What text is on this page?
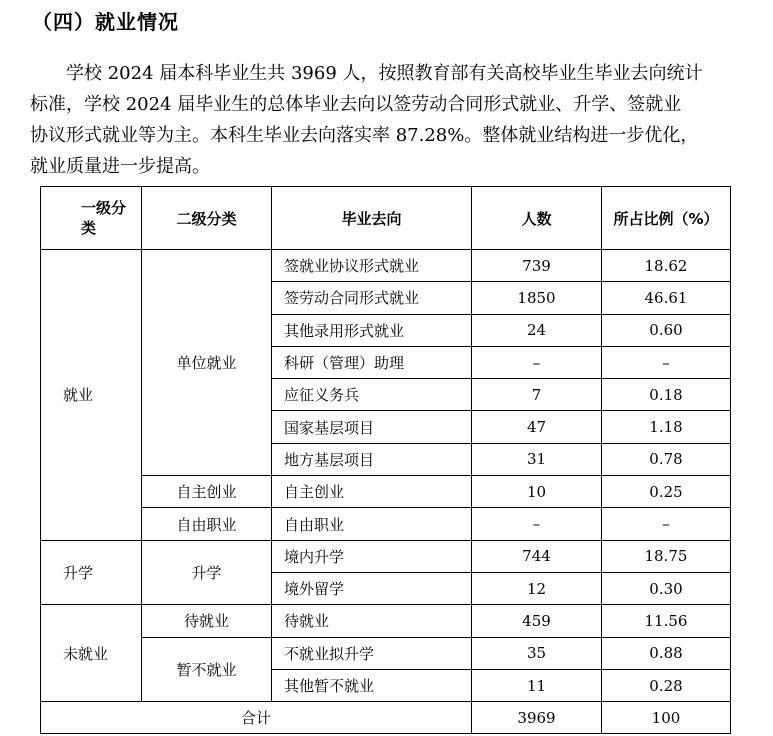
（四）就业情况

学校 2024 届本科毕业生共 3969 人，按照教育部有关高校毕业生毕业去向统计
标准，学校 2024 届毕业生的总体毕业去向以签劳动合同形式就业、升学、签就业
协议形式就业等为主。本科生毕业去向落实率 87.28%。整体就业结构进一步优化，
就业质量进一步提高。

一级分类	二级分类	毕业去向	人数	所占比例（%）
就业	单位就业	签就业协议形式就业	739	18.62
		签劳动合同形式就业	1850	46.61
		其他录用形式就业	24	0.60
		科研（管理）助理	–	–
		应征义务兵	7	0.18
		国家基层项目	47	1.18
		地方基层项目	31	0.78
	自主创业	自主创业	10	0.25
	自由职业	自由职业	–	–
升学	升学	境内升学	744	18.75
		境外留学	12	0.30
未就业	待就业	待就业	459	11.56
	暂不就业	不就业拟升学	35	0.88
		其他暂不就业	11	0.28
合计			3969	100
